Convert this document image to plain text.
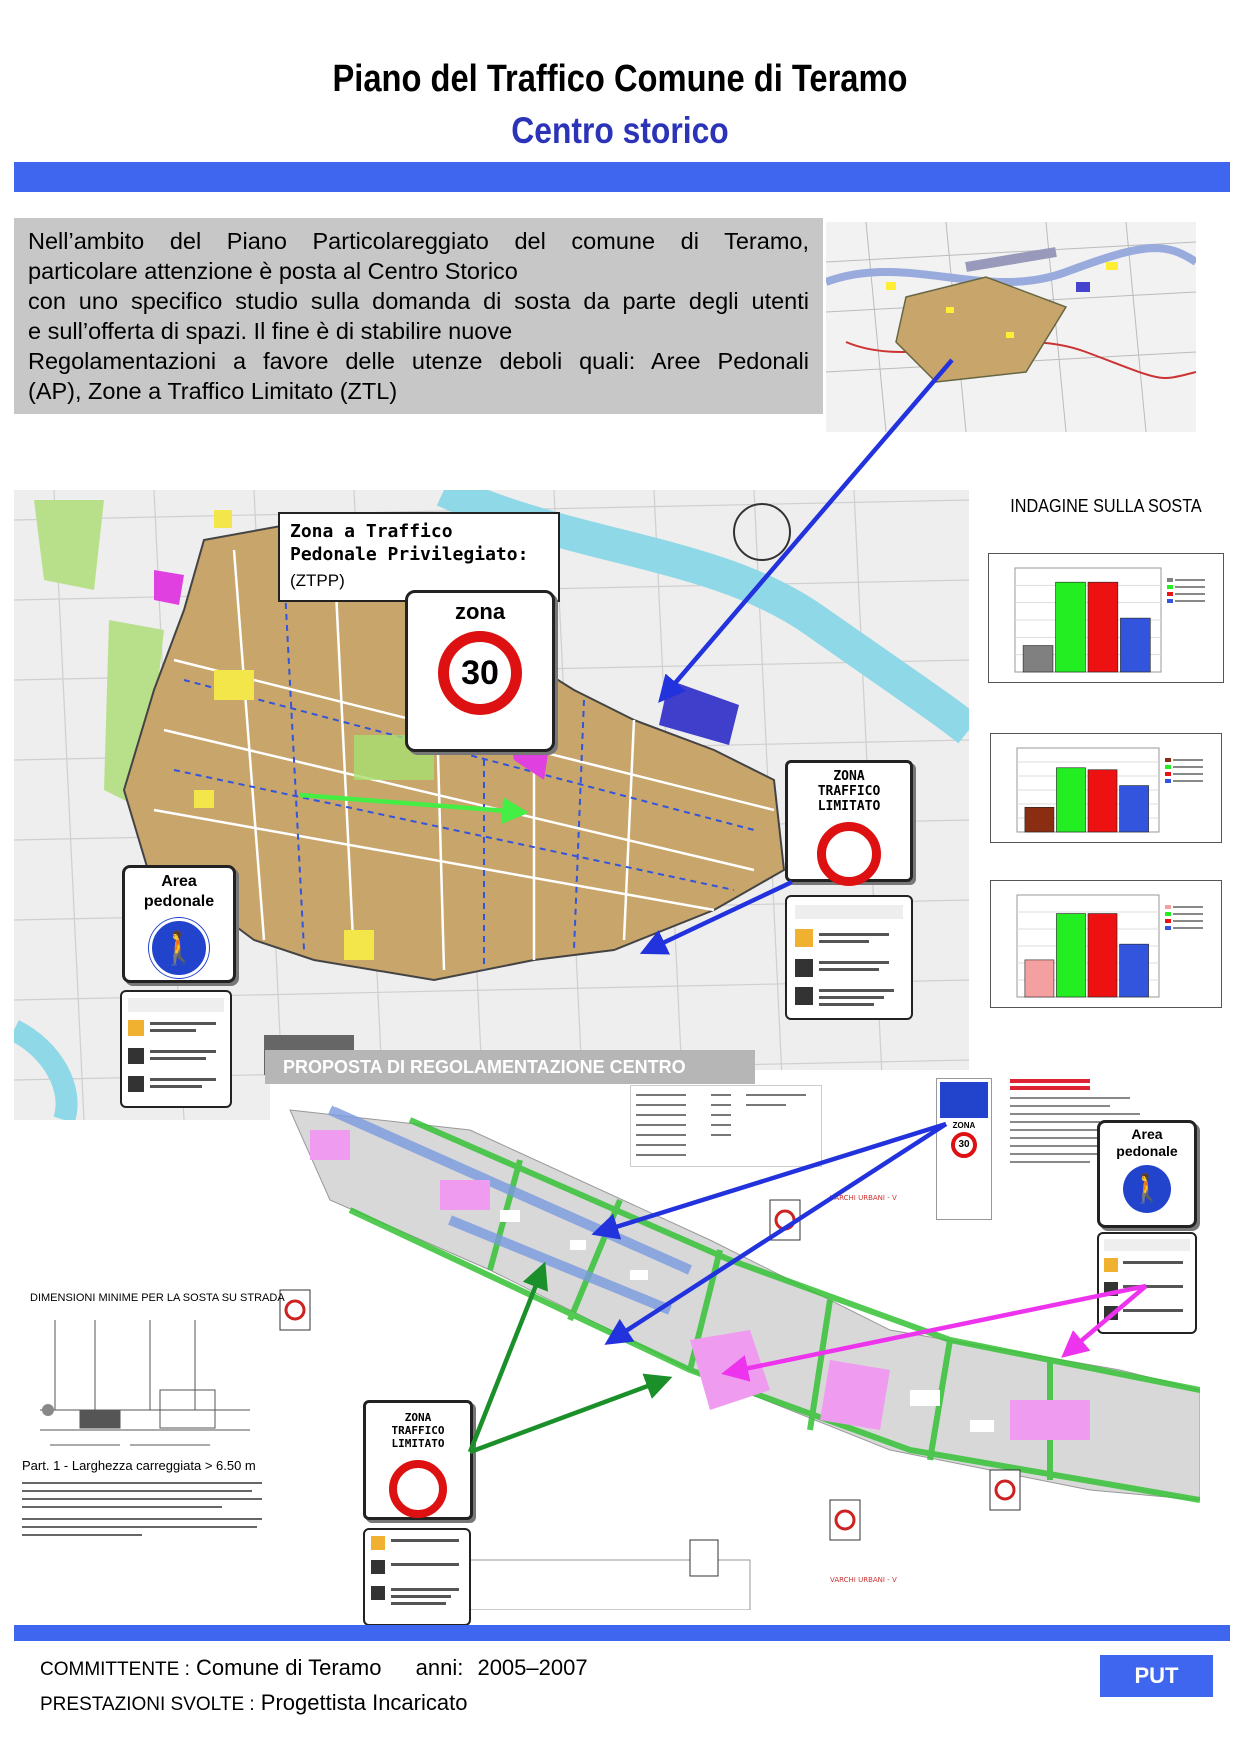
Piano del Traffico Comune di Teramo
Centro storico

Nell’ambito del Piano Particolareggiato del comune di Teramo,

particolare attenzione è posta al Centro Storico

con uno specifico studio sulla domanda di sosta da parte degli utenti

e sull’offerta di spazi. Il fine è di stabilire nuove

Regolamentazioni a favore delle utenze deboli quali: Aree Pedonali

(AP), Zone a Traffico Limitato (ZTL)

Zona a Traffico
Pedonale Privilegiato:
(ZTPP)
zona
30
ZONA
TRAFFICO LIMITATO
Area
pedonale
🚶
INDAGINE SULLA SOSTA
VARCHI URBANI - V
VARCHI URBANI - V
ZONA
30
Area
pedonale
🚶
PROPOSTA DI REGOLAMENTAZIONE CENTRO STORICO
DIMENSIONI MINIME PER LA SOSTA SU STRADA
Part. 1 - Larghezza carreggiata > 6.50 m
ZONA
TRAFFICO LIMITATO
COMMITTENTE : Comune di Teramo anni: 2005–2007
PRESTAZIONI SVOLTE : Progettista Incaricato
PUT
